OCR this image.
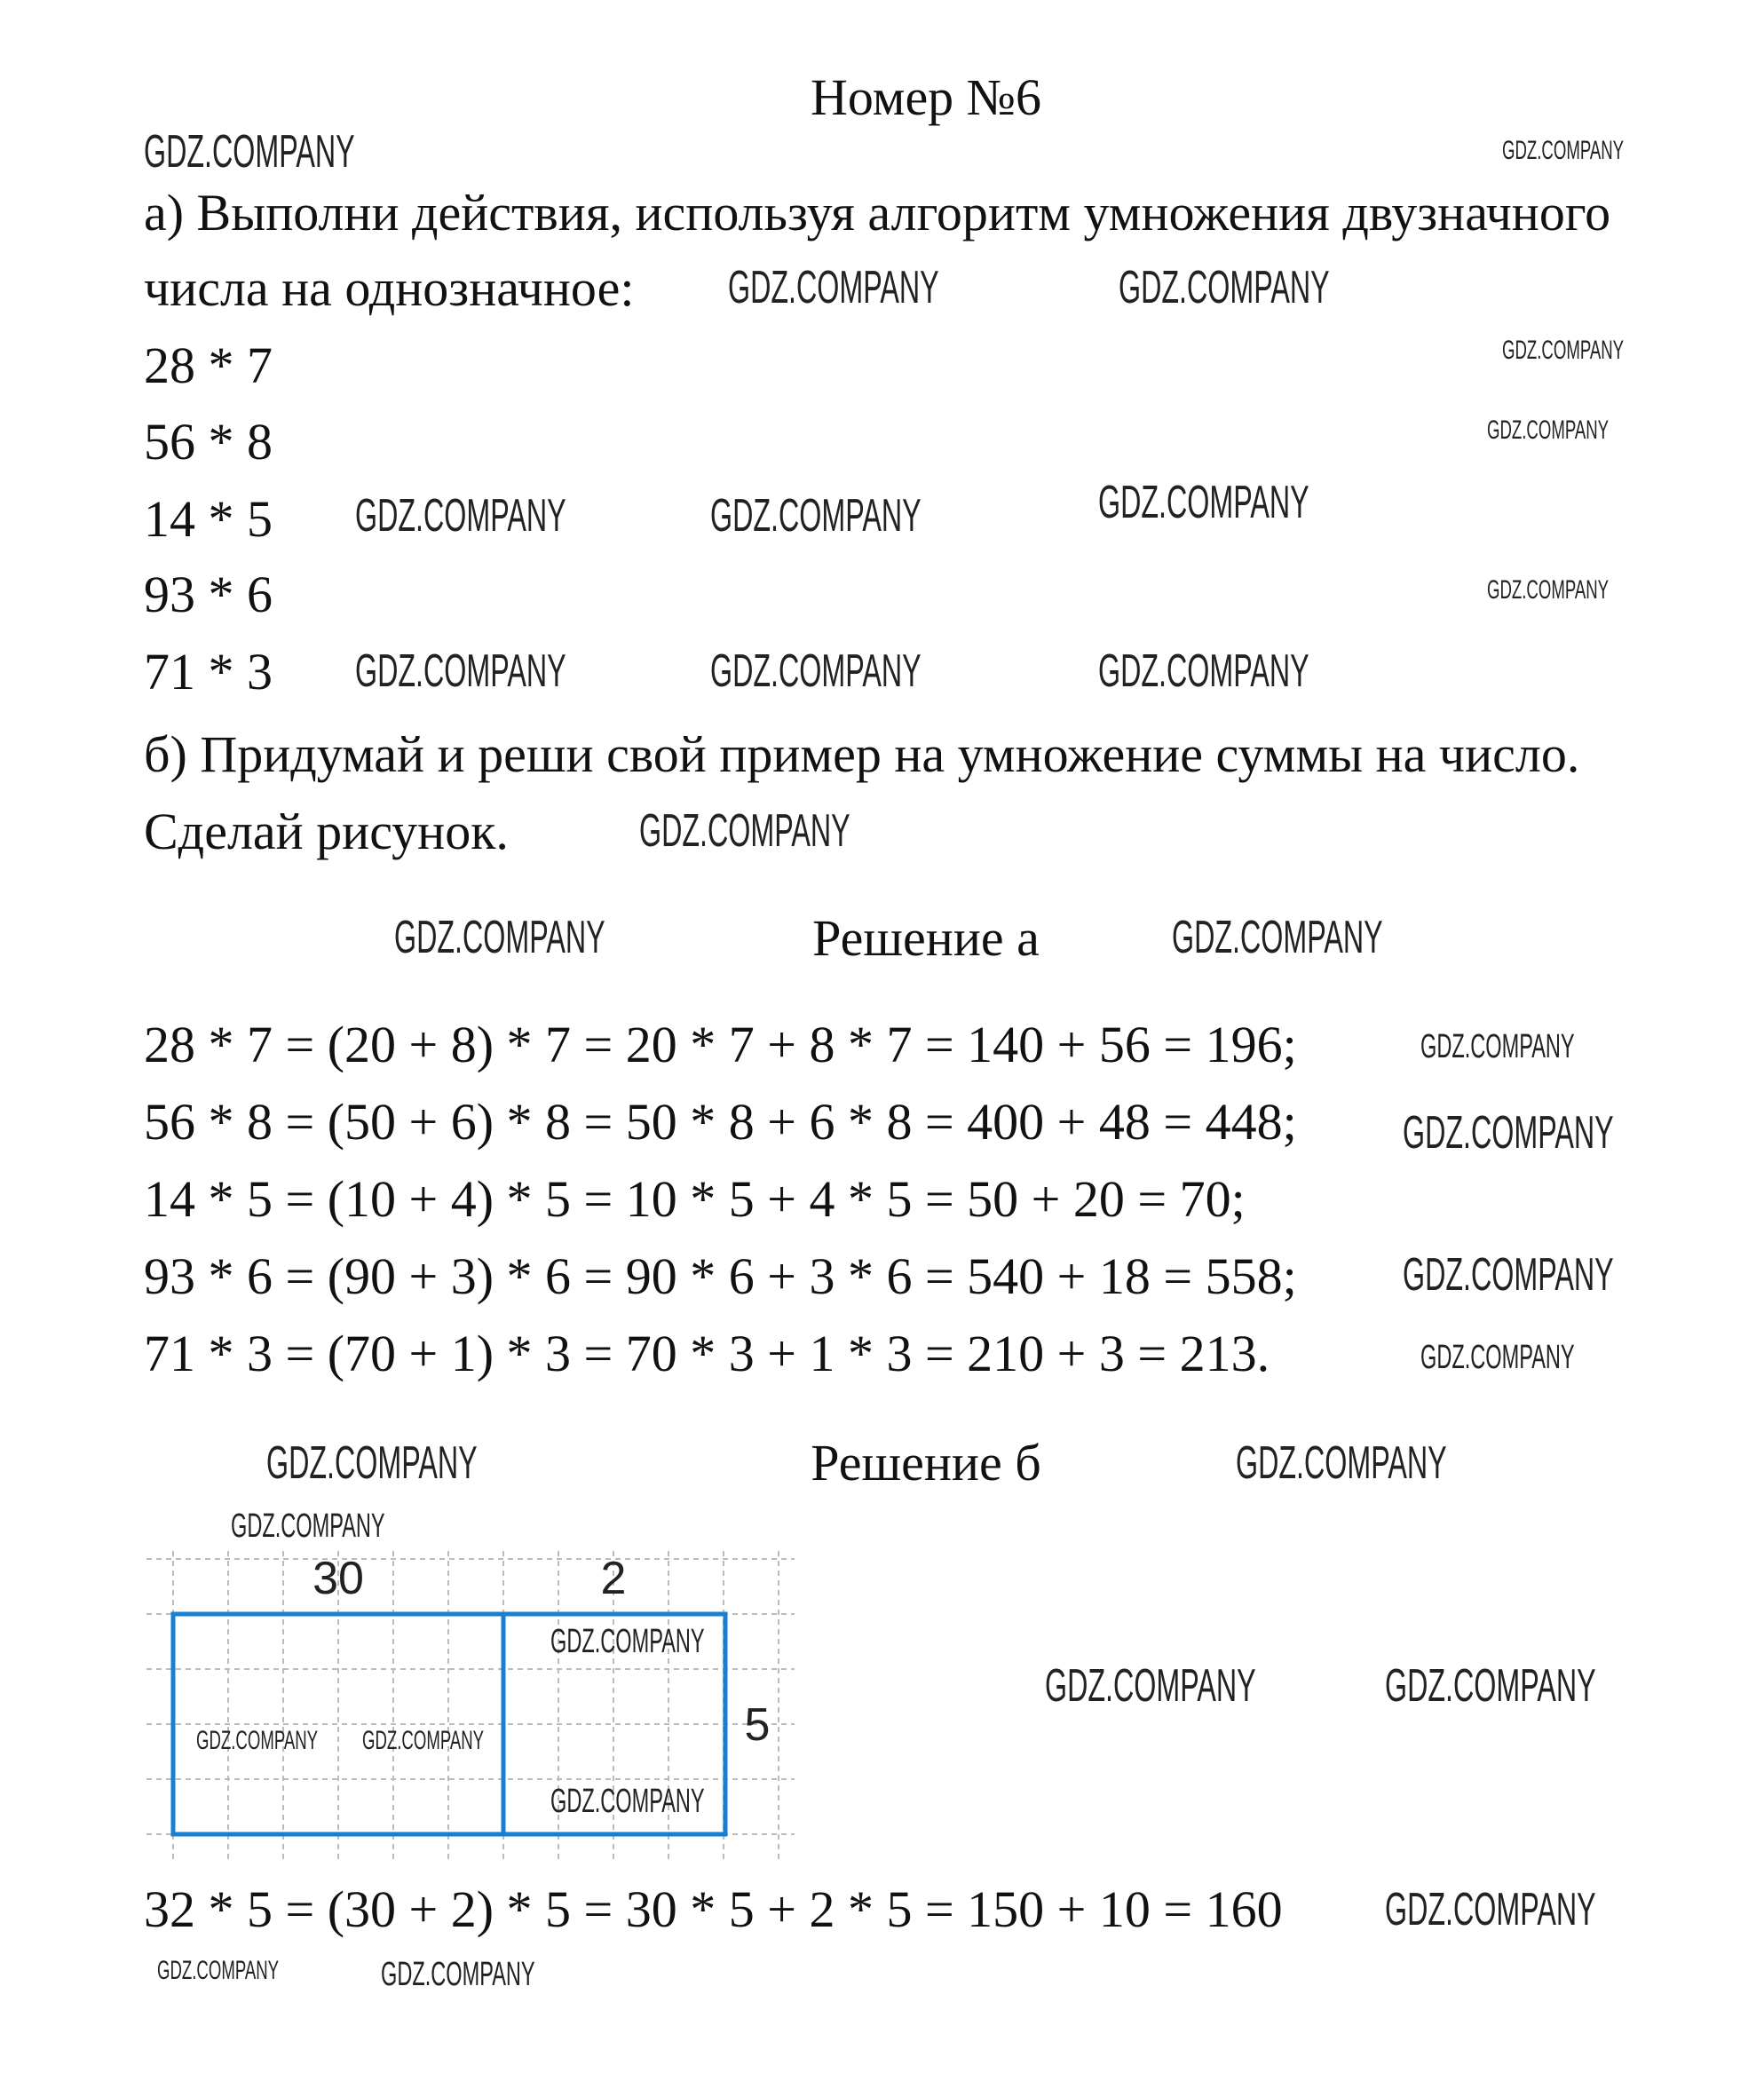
Номер №6
а) Выполни действия, используя алгоритм умножения двузначного
числа на однозначное:
28 * 7
56 * 8
14 * 5
93 * 6
71 * 3
б) Придумай и реши свой пример на умножение суммы на число.
Сделай рисунок.
Решение а
28 * 7 = (20 + 8) * 7 = 20 * 7 + 8 * 7 = 140 + 56 = 196;
56 * 8 = (50 + 6) * 8 = 50 * 8 + 6 * 8 = 400 + 48 = 448;
14 * 5 = (10 + 4) * 5 = 10 * 5 + 4 * 5 = 50 + 20 = 70;
93 * 6 = (90 + 3) * 6 = 90 * 6 + 3 * 6 = 540 + 18 = 558;
71 * 3 = (70 + 1) * 3 = 70 * 3 + 1 * 3 = 210 + 3 = 213.
Решение б
30	2
5
32 * 5 = (30 + 2) * 5 = 30 * 5 + 2 * 5 = 150 + 10 = 160
GDZ.COMPANY
GDZ.COMPANY
GDZ.COMPANY	GDZ.COMPANY
GDZ.COMPANY
GDZ.COMPANY	GDZ.COMPANY	GDZ.COMPANY
GDZ.COMPANY
GDZ.COMPANY
GDZ.COMPANY	GDZ.COMPANY	GDZ.COMPANY
GDZ.COMPANY
GDZ.COMPANY
GDZ.COMPANY
GDZ.COMPANY
GDZ.COMPANY
GDZ.COMPANY
GDZ.COMPANY
GDZ.COMPANY	GDZ.COMPANY
GDZ.COMPANY
GDZ.COMPANY	GDZ.COMPANY
GDZ.COMPANY
GDZ.COMPANY GDZ.COMPANY
GDZ.COMPANY
GDZ.COMPANY	GDZ.COMPANY
GDZ.COMPANY
